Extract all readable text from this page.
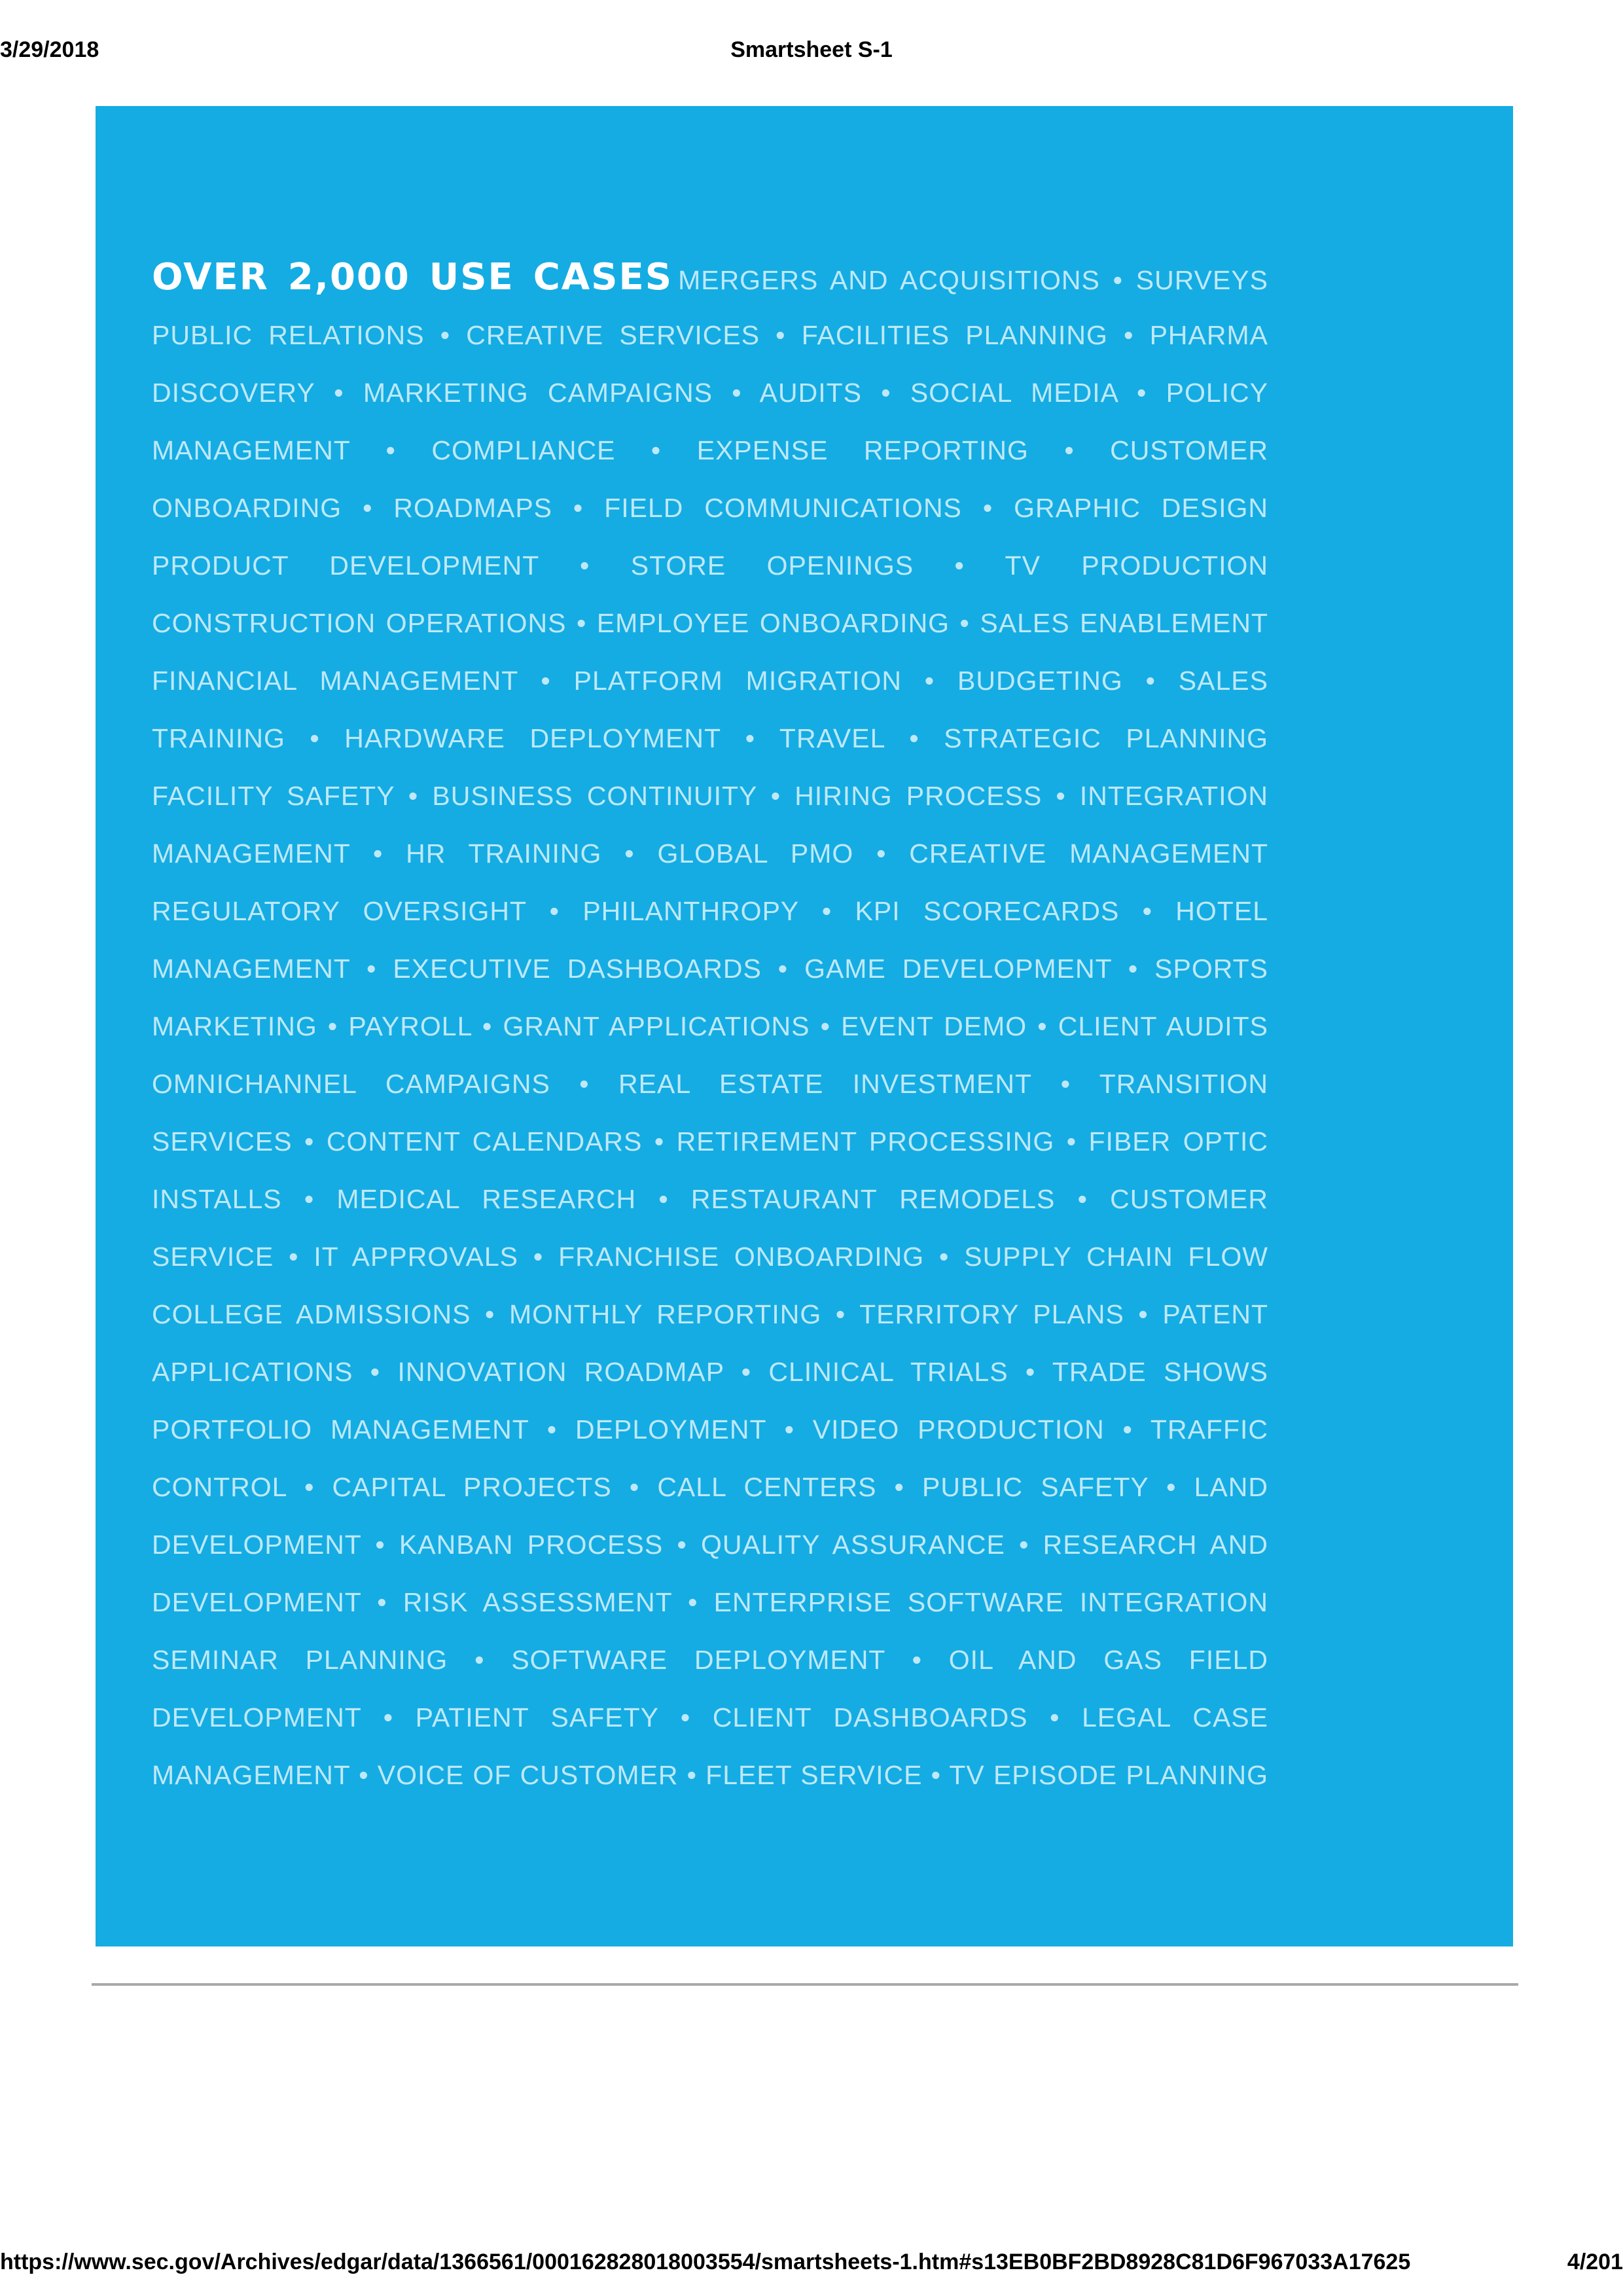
3/29/2018	Smartsheet S-1
OVER 2,000 USE CASES MERGERS AND ACQUISITIONS • SURVEYS
PUBLIC RELATIONS • CREATIVE SERVICES • FACILITIES PLANNING • PHARMA
DISCOVERY • MARKETING CAMPAIGNS • AUDITS • SOCIAL MEDIA • POLICY
MANAGEMENT • COMPLIANCE • EXPENSE REPORTING • CUSTOMER
ONBOARDING • ROADMAPS • FIELD COMMUNICATIONS • GRAPHIC DESIGN
PRODUCT DEVELOPMENT • STORE OPENINGS • TV PRODUCTION
CONSTRUCTION OPERATIONS • EMPLOYEE ONBOARDING • SALES ENABLEMENT
FINANCIAL MANAGEMENT • PLATFORM MIGRATION • BUDGETING • SALES
TRAINING • HARDWARE DEPLOYMENT • TRAVEL • STRATEGIC PLANNING
FACILITY SAFETY • BUSINESS CONTINUITY • HIRING PROCESS • INTEGRATION
MANAGEMENT • HR TRAINING • GLOBAL PMO • CREATIVE MANAGEMENT
REGULATORY OVERSIGHT • PHILANTHROPY • KPI SCORECARDS • HOTEL
MANAGEMENT • EXECUTIVE DASHBOARDS • GAME DEVELOPMENT • SPORTS
MARKETING • PAYROLL • GRANT APPLICATIONS • EVENT DEMO • CLIENT AUDITS
OMNICHANNEL CAMPAIGNS • REAL ESTATE INVESTMENT • TRANSITION
SERVICES • CONTENT CALENDARS • RETIREMENT PROCESSING • FIBER OPTIC
INSTALLS • MEDICAL RESEARCH • RESTAURANT REMODELS • CUSTOMER
SERVICE • IT APPROVALS • FRANCHISE ONBOARDING • SUPPLY CHAIN FLOW
COLLEGE ADMISSIONS • MONTHLY REPORTING • TERRITORY PLANS • PATENT
APPLICATIONS • INNOVATION ROADMAP • CLINICAL TRIALS • TRADE SHOWS
PORTFOLIO MANAGEMENT • DEPLOYMENT • VIDEO PRODUCTION • TRAFFIC
CONTROL • CAPITAL PROJECTS • CALL CENTERS • PUBLIC SAFETY • LAND
DEVELOPMENT • KANBAN PROCESS • QUALITY ASSURANCE • RESEARCH AND
DEVELOPMENT • RISK ASSESSMENT • ENTERPRISE SOFTWARE INTEGRATION
SEMINAR PLANNING • SOFTWARE DEPLOYMENT • OIL AND GAS FIELD
DEVELOPMENT • PATIENT SAFETY • CLIENT DASHBOARDS • LEGAL CASE
MANAGEMENT • VOICE OF CUSTOMER • FLEET SERVICE • TV EPISODE PLANNING
https://www.sec.gov/Archives/edgar/data/1366561/000162828018003554/smartsheets-1.htm#s13EB0BF2BD8928C81D6F967033A17625	4/201
